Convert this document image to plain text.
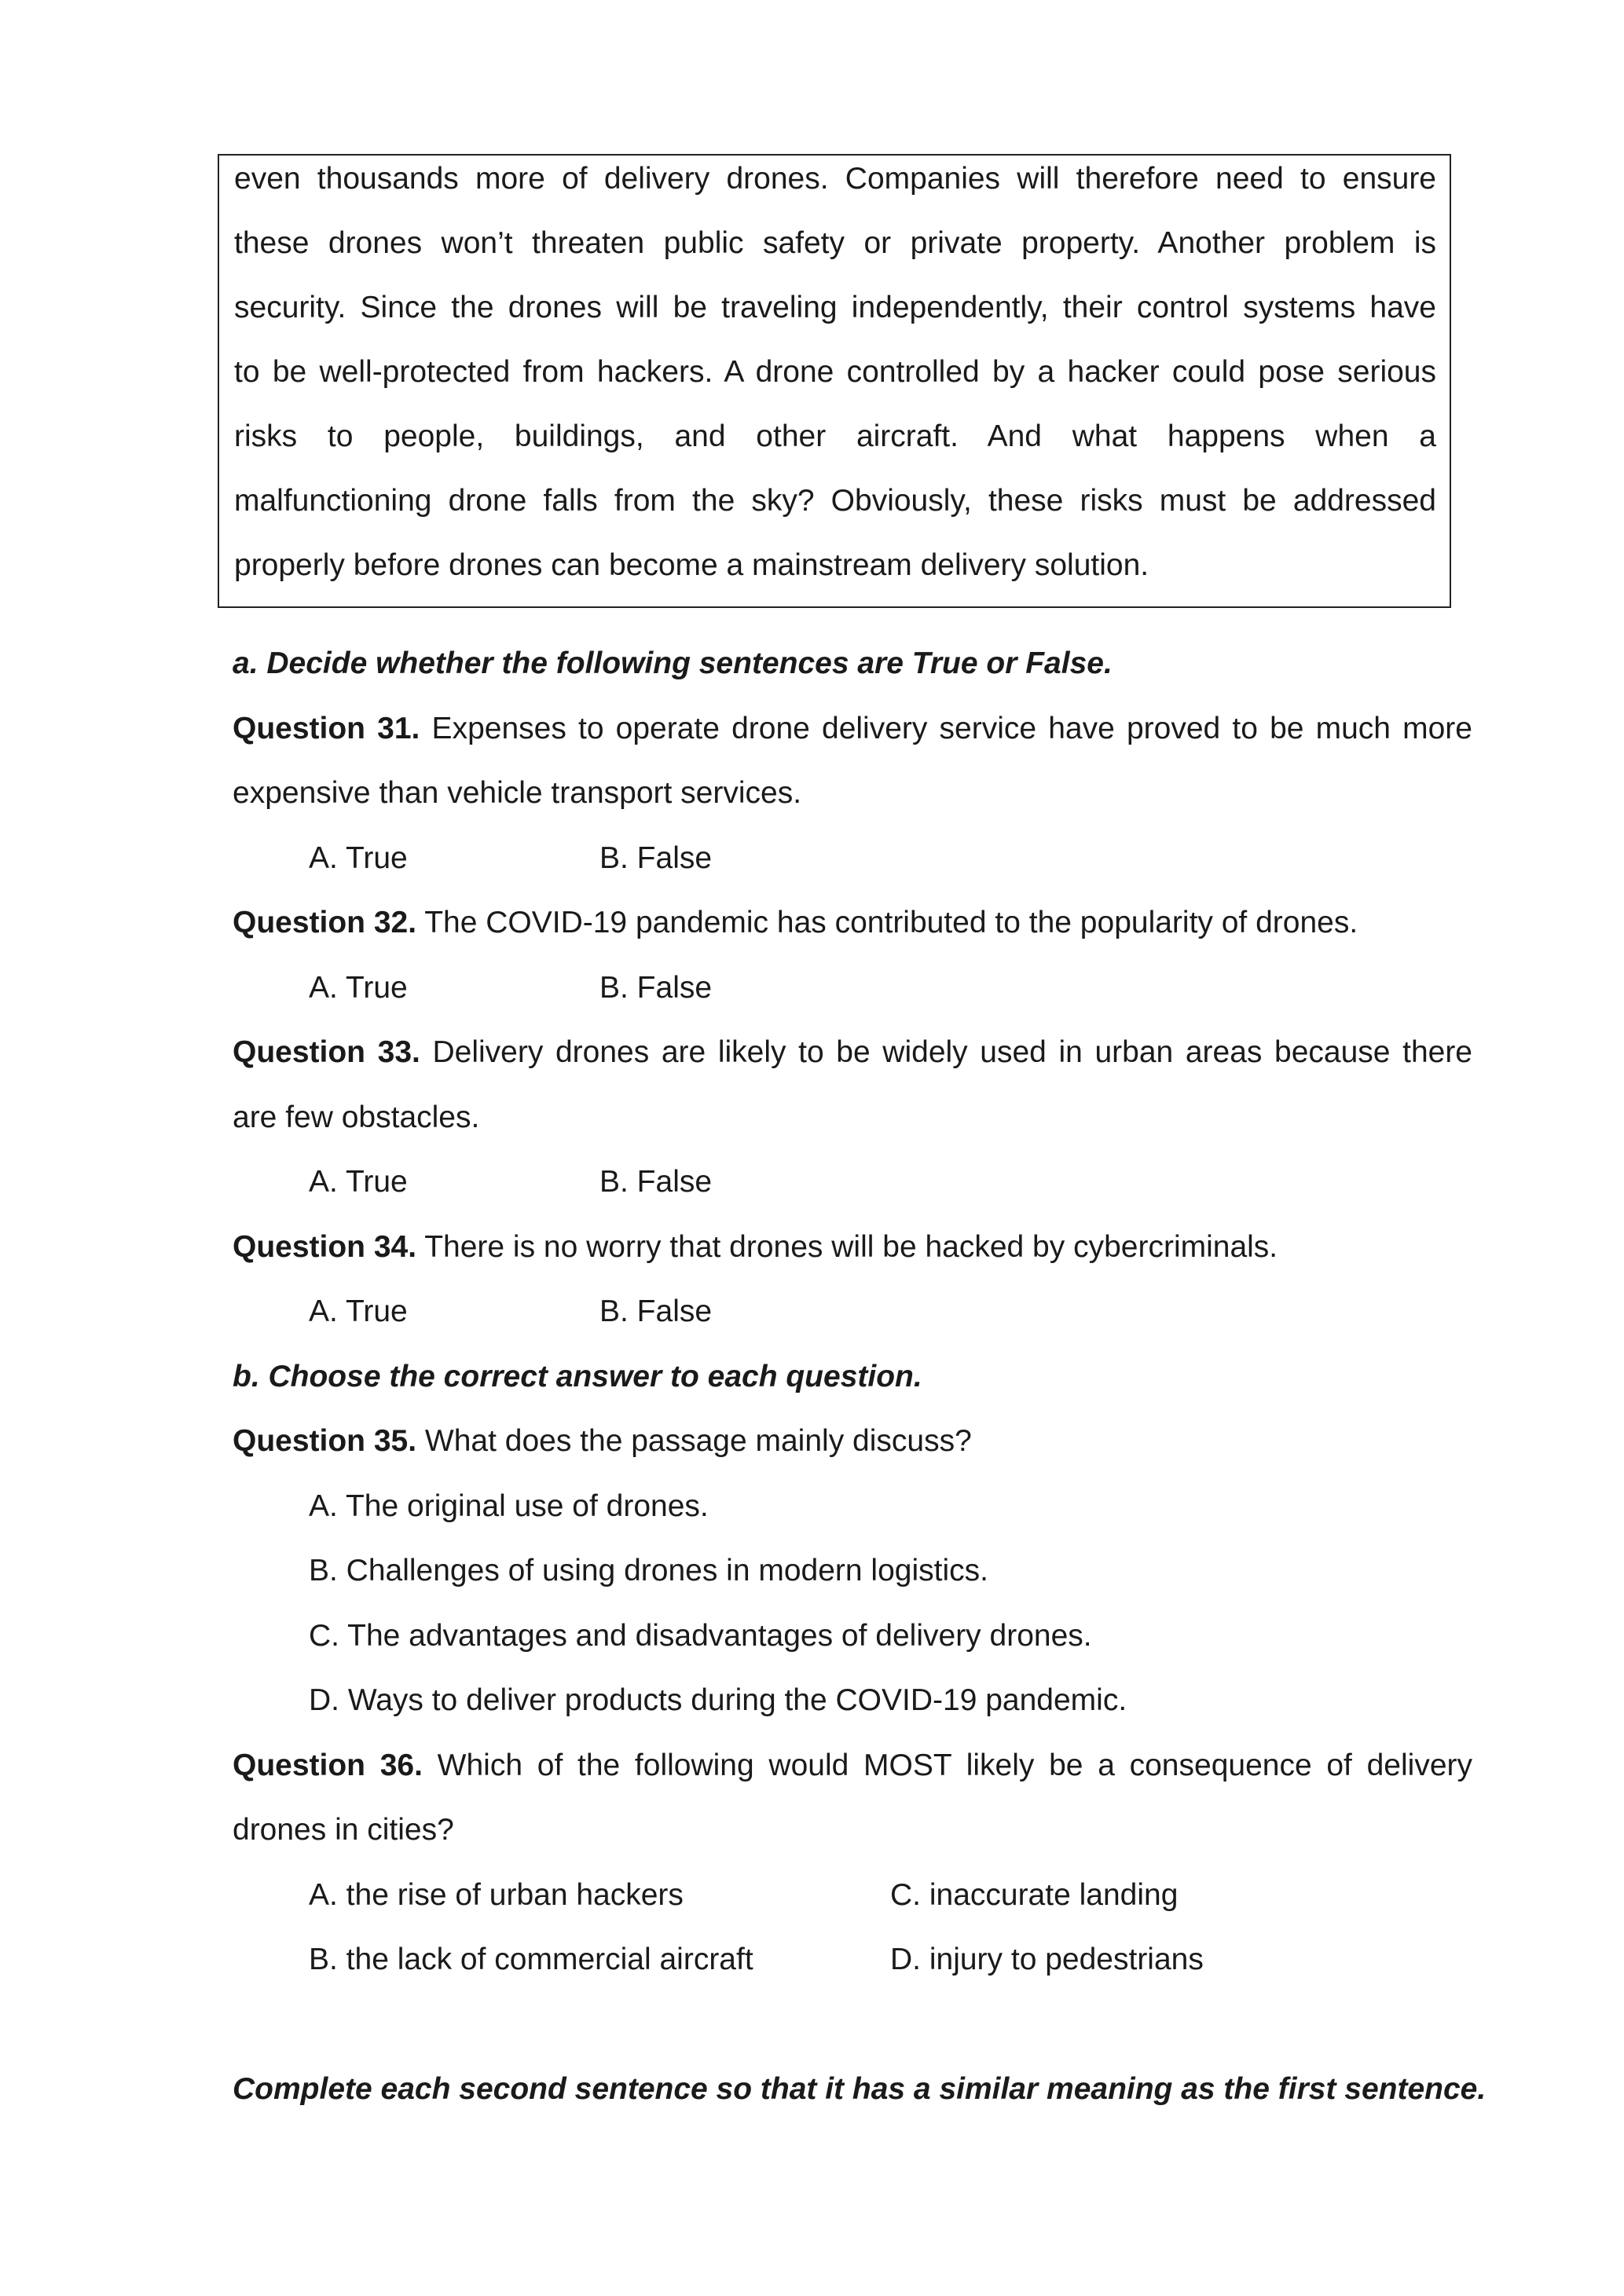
even thousands more of delivery drones. Companies will therefore need to ensure
these drones won’t threaten public safety or private property. Another problem is
security. Since the drones will be traveling independently, their control systems have
to be well-protected from hackers. A drone controlled by a hacker could pose serious
risks to people, buildings, and other aircraft. And what happens when a
malfunctioning drone falls from the sky? Obviously, these risks must be addressed
properly before drones can become a mainstream delivery solution.
a. Decide whether the following sentences are True or False.
Question 31. Expenses to operate drone delivery service have proved to be much more
expensive than vehicle transport services.
A. True	B. False
Question 32. The COVID-19 pandemic has contributed to the popularity of drones.
A. True	B. False
Question 33. Delivery drones are likely to be widely used in urban areas because there
are few obstacles.
A. True	B. False
Question 34. There is no worry that drones will be hacked by cybercriminals.
A. True	B. False
b. Choose the correct answer to each question.
Question 35. What does the passage mainly discuss?
A. The original use of drones.
B. Challenges of using drones in modern logistics.
C. The advantages and disadvantages of delivery drones.
D. Ways to deliver products during the COVID-19 pandemic.
Question 36. Which of the following would MOST likely be a consequence of delivery
drones in cities?
A. the rise of urban hackers	C. inaccurate landing
B. the lack of commercial aircraft	D. injury to pedestrians
Complete each second sentence so that it has a similar meaning as the first sentence.
